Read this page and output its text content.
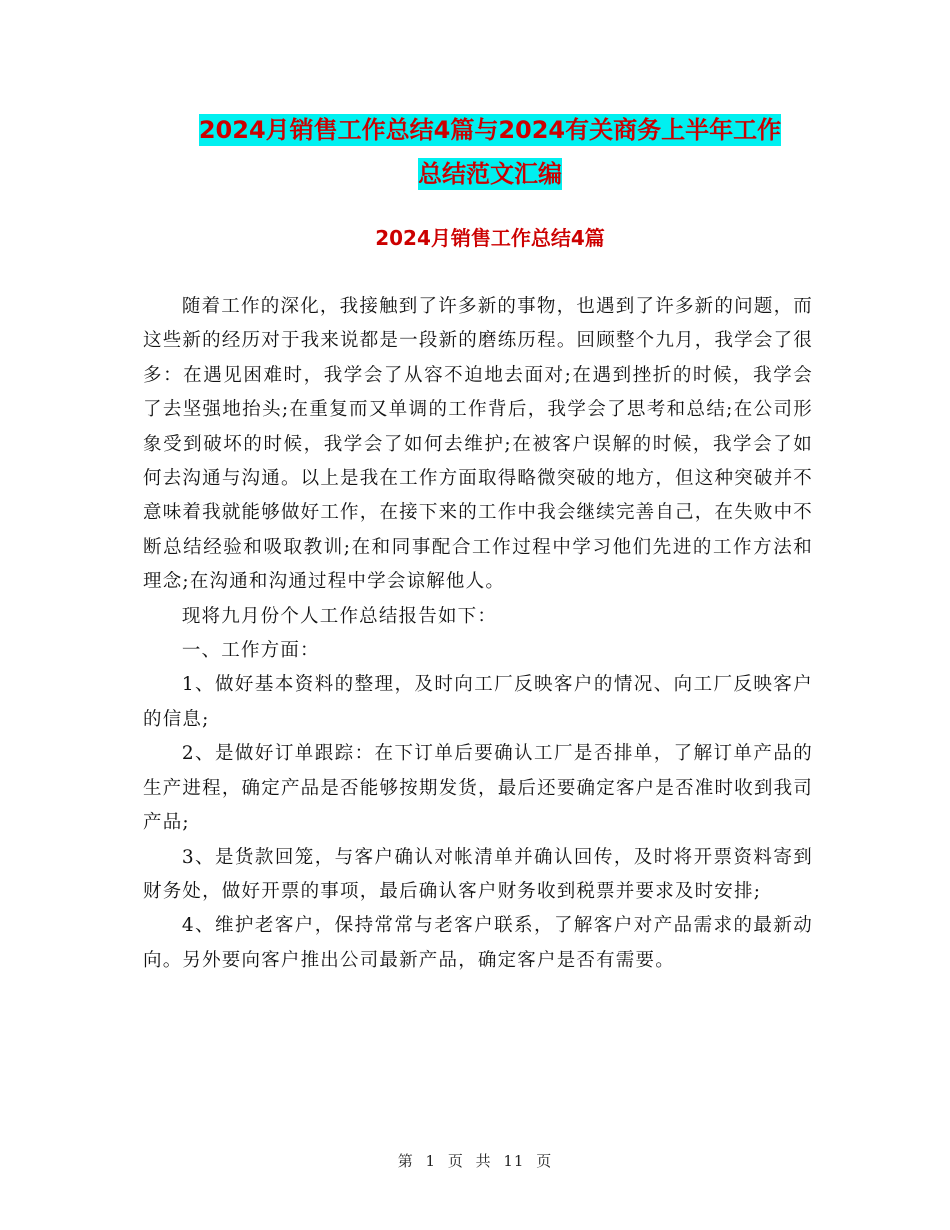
2024月销售工作总结4篇与2024有关商务上半年工作
总结范文汇编
2024月销售工作总结4篇

随着工作的深化，我接触到了许多新的事物，也遇到了许多新的问题，而这些新的经历对于我来说都是一段新的磨练历程。回顾整个九月，我学会了很多：在遇见困难时，我学会了从容不迫地去面对;在遇到挫折的时候，我学会了去坚强地抬头;在重复而又单调的工作背后，我学会了思考和总结;在公司形象受到破坏的时候，我学会了如何去维护;在被客户误解的时候，我学会了如何去沟通与沟通。以上是我在工作方面取得略微突破的地方，但这种突破并不意味着我就能够做好工作，在接下来的工作中我会继续完善自己，在失败中不断总结经验和吸取教训;在和同事配合工作过程中学习他们先进的工作方法和理念;在沟通和沟通过程中学会谅解他人。

现将九月份个人工作总结报告如下：

一、工作方面：

1、做好基本资料的整理，及时向工厂反映客户的情况、向工厂反映客户的信息;

2、是做好订单跟踪：在下订单后要确认工厂是否排单，了解订单产品的生产进程，确定产品是否能够按期发货，最后还要确定客户是否准时收到我司产品;

3、是货款回笼，与客户确认对帐清单并确认回传，及时将开票资料寄到财务处，做好开票的事项，最后确认客户财务收到税票并要求及时安排;

4、维护老客户，保持常常与老客户联系，了解客户对产品需求的最新动向。另外要向客户推出公司最新产品，确定客户是否有需要。

第 1 页 共 11 页
